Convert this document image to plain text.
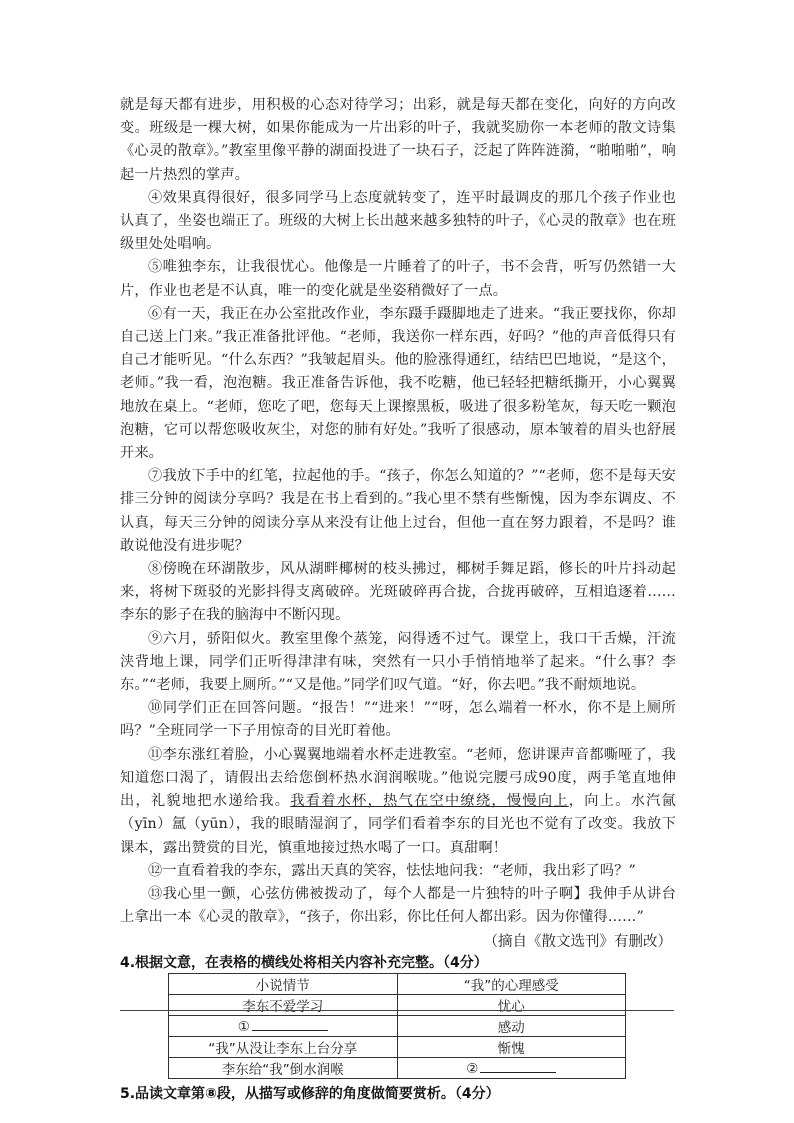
就是每天都有进步，用积极的心态对待学习；出彩，就是每天都在变化，向好的方向改变。班级是一棵大树，如果你能成为一片出彩的叶子，我就奖励你一本老师的散文诗集《心灵的散章》。”教室里像平静的湖面投进了一块石子，泛起了阵阵涟漪，“啪啪啪”，响起一片热烈的掌声。

④效果真得很好，很多同学马上态度就转变了，连平时最调皮的那几个孩子作业也认真了，坐姿也端正了。班级的大树上长出越来越多独特的叶子，《心灵的散章》也在班级里处处唱响。

⑤唯独李东，让我很忧心。他像是一片睡着了的叶子，书不会背，听写仍然错一大片，作业也老是不认真，唯一的变化就是坐姿稍微好了一点。

⑥有一天，我正在办公室批改作业，李东蹑手蹑脚地走了进来。“我正要找你，你却自己送上门来。”我正准备批评他。“老师，我送你一样东西，好吗？”他的声音低得只有自己才能听见。“什么东西？”我皱起眉头。他的脸涨得通红，结结巴巴地说，“是这个，老师。”我一看，泡泡糖。我正准备告诉他，我不吃糖，他已轻轻把糖纸撕开，小心翼翼地放在桌上。“老师，您吃了吧，您每天上课擦黑板，吸进了很多粉笔灰，每天吃一颗泡泡糖，它可以帮您吸收灰尘，对您的肺有好处。”我听了很感动，原本皱着的眉头也舒展开来。

⑦我放下手中的红笔，拉起他的手。“孩子，你怎么知道的？”“老师，您不是每天安排三分钟的阅读分享吗？我是在书上看到的。”我心里不禁有些惭愧，因为李东调皮、不认真，每天三分钟的阅读分享从来没有让他上过台，但他一直在努力跟着，不是吗？谁敢说他没有进步呢？

⑧傍晚在环湖散步，风从湖畔椰树的枝头拂过，椰树手舞足蹈，修长的叶片抖动起来，将树下斑驳的光影抖得支离破碎。光斑破碎再合拢，合拢再破碎，互相追逐着……李东的影子在我的脑海中不断闪现。

⑨六月，骄阳似火。教室里像个蒸笼，闷得透不过气。课堂上，我口干舌燥，汗流浃背地上课，同学们正听得津津有味，突然有一只小手悄悄地举了起来。“什么事？李东。”“老师，我要上厕所。”“又是他。”同学们叹气道。“好，你去吧。”我不耐烦地说。

⑩同学们正在回答问题。“报告！”“进来！”“呀，怎么端着一杯水，你不是上厕所吗？”全班同学一下子用惊奇的目光盯着他。

⑪李东涨红着脸，小心翼翼地端着水杯走进教室。“老师，您讲课声音都嘶哑了，我知道您口渴了，请假出去给您倒杯热水润润喉咙。”他说完腰弓成90度，两手笔直地伸出，礼貌地把水递给我。我看着水杯，热气在空中缭绕，慢慢向上，向上。水汽氤（yīn）氲（yūn），我的眼睛湿润了，同学们看着李东的目光也不觉有了改变。我放下课本，露出赞赏的目光，慎重地接过热水喝了一口。真甜啊！

⑫一直看着我的李东，露出天真的笑容，怯怯地问我：“老师，我出彩了吗？”

⑬我心里一颤，心弦仿佛被拨动了，每个人都是一片独特的叶子啊】我伸手从讲台上拿出一本《心灵的散章》，“孩子，你出彩，你比任何人都出彩。因为你懂得……”

（摘自《散文选刊》有删改）

4.根据文意，在表格的横线处将相关内容补充完整。（4分）

小说情节	“我”的心理感受
李东不爱学习	忧心
①	感动
“我”从没让李东上台分享	惭愧
李东给“我”倒水润喉	②

5.品读文章第⑧段，从描写或修辞的角度做简要赏析。（4分）
